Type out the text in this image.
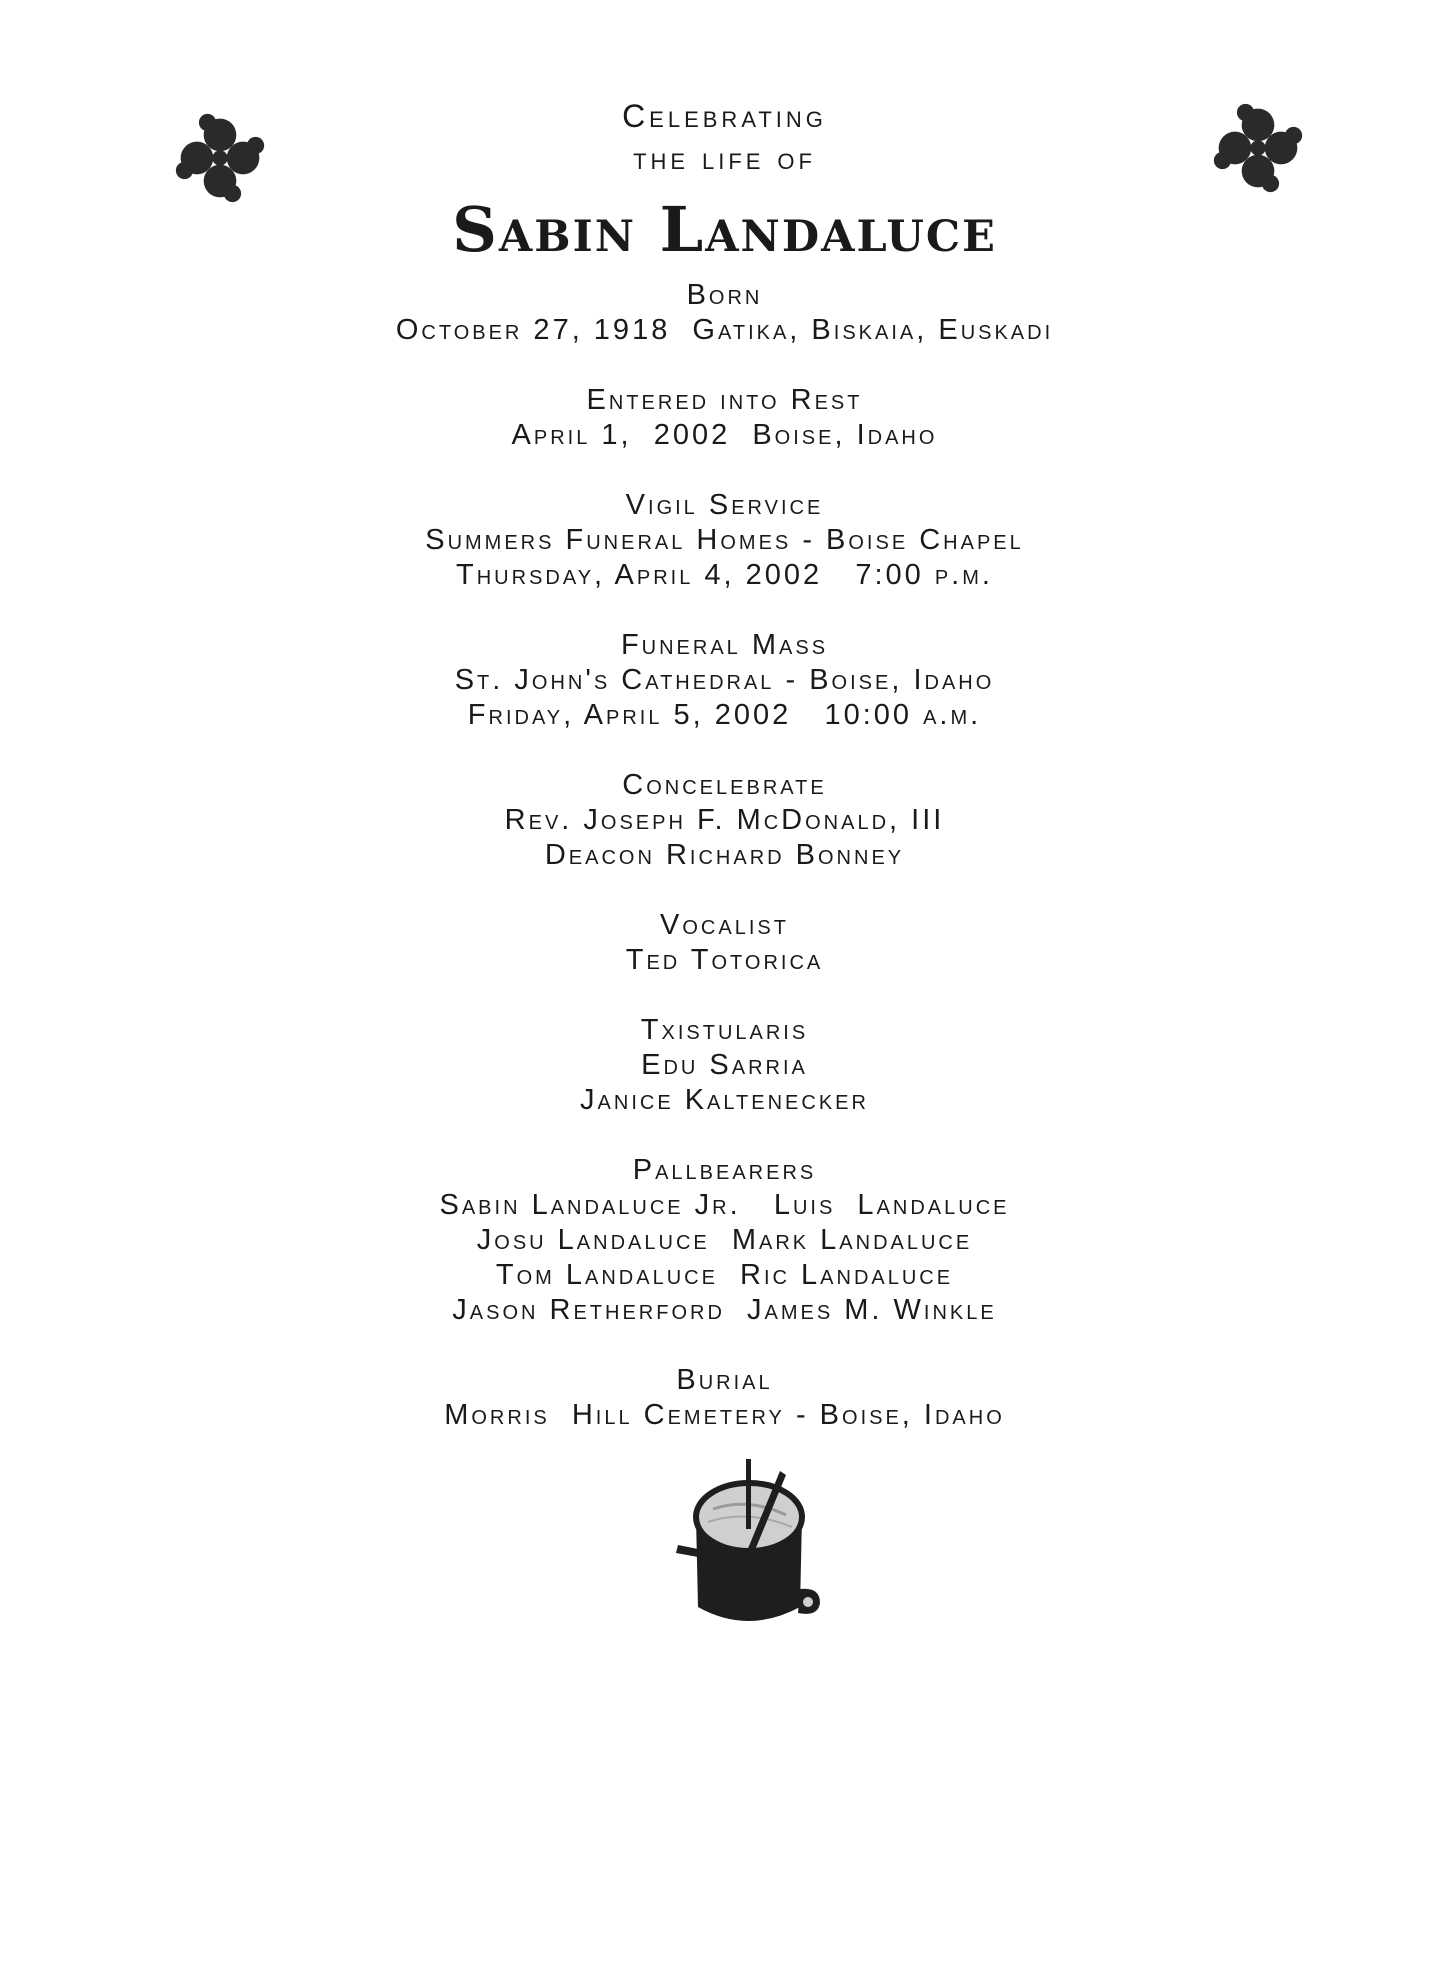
Celebrating
the life of
Sabin Landaluce
Born
October 27, 1918  Gatika, Biskaia, Euskadi
Entered into Rest
April 1,  2002  Boise, Idaho
Vigil Service
Summers Funeral Homes - Boise Chapel
Thursday, April 4, 2002   7:00 p.m.
Funeral Mass
St. John's Cathedral - Boise, Idaho
Friday, April 5, 2002   10:00 a.m.
Concelebrate
Rev. Joseph F. McDonald, III
Deacon Richard Bonney
Vocalist
Ted Totorica
Txistularis
Edu Sarria
Janice Kaltenecker
Pallbearers
Sabin Landaluce Jr.   Luis  Landaluce
Josu Landaluce  Mark Landaluce
Tom Landaluce  Ric Landaluce
Jason Retherford  James M. Winkle
Burial
Morris  Hill Cemetery - Boise, Idaho
